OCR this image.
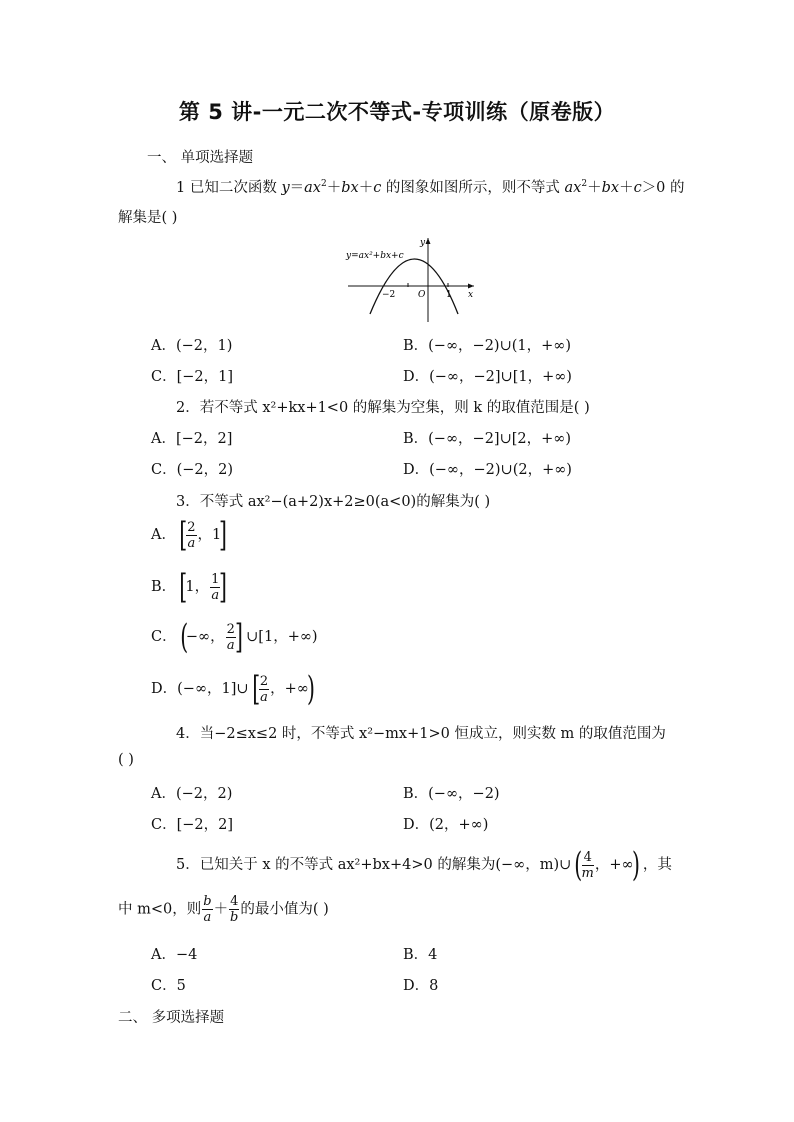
第 5 讲-一元二次不等式-专项训练（原卷版）
一、 单项选择题
1 已知二次函数 $y=ax^2+bx+c$ 的图象如图所示，则不等式 $ax^2+bx+c>0$ 的
解集是( )
y=ax²+bx+c
y
x
O
−2	1
A．(−2，1)	B．(−∞，−2)∪(1，+∞)
C．[−2，1]	D．(−∞，−2]∪[1，+∞)
2．若不等式 x²+kx+1<0 的解集为空集，则 k 的取值范围是( )
A．[−2，2]	B．(−∞，−2]∪[2，+∞)
C．(−2，2)	D．(−∞，−2)∪(2，+∞)
3．不等式 ax²−(a+2)x+2≥0(a<0)的解集为( )
A．[ $\frac{2}{a}$ ，1]
B．[1， $\frac{1}{a}$ ]
C．(−∞， $\frac{2}{a}$ ] ∪[1，+∞)
D．(−∞，1]∪[ $\frac{2}{a}$ ，+∞)
4．当−2≤x≤2 时，不等式 x²−mx+1>0 恒成立，则实数 m 的取值范围为
( )
A．(−2，2)	B．(−∞，−2)
C．[−2，2]	D．(2，+∞)
5．已知关于 x 的不等式 ax²+bx+4>0 的解集为(−∞，m)∪( $\frac{4}{m}$ ，+∞) ，其
中 m<0，则 $\frac{b}{a} + \frac{4}{b}$ 的最小值为( )
A．−4	B．4
C．5	D．8
二、 多项选择题
